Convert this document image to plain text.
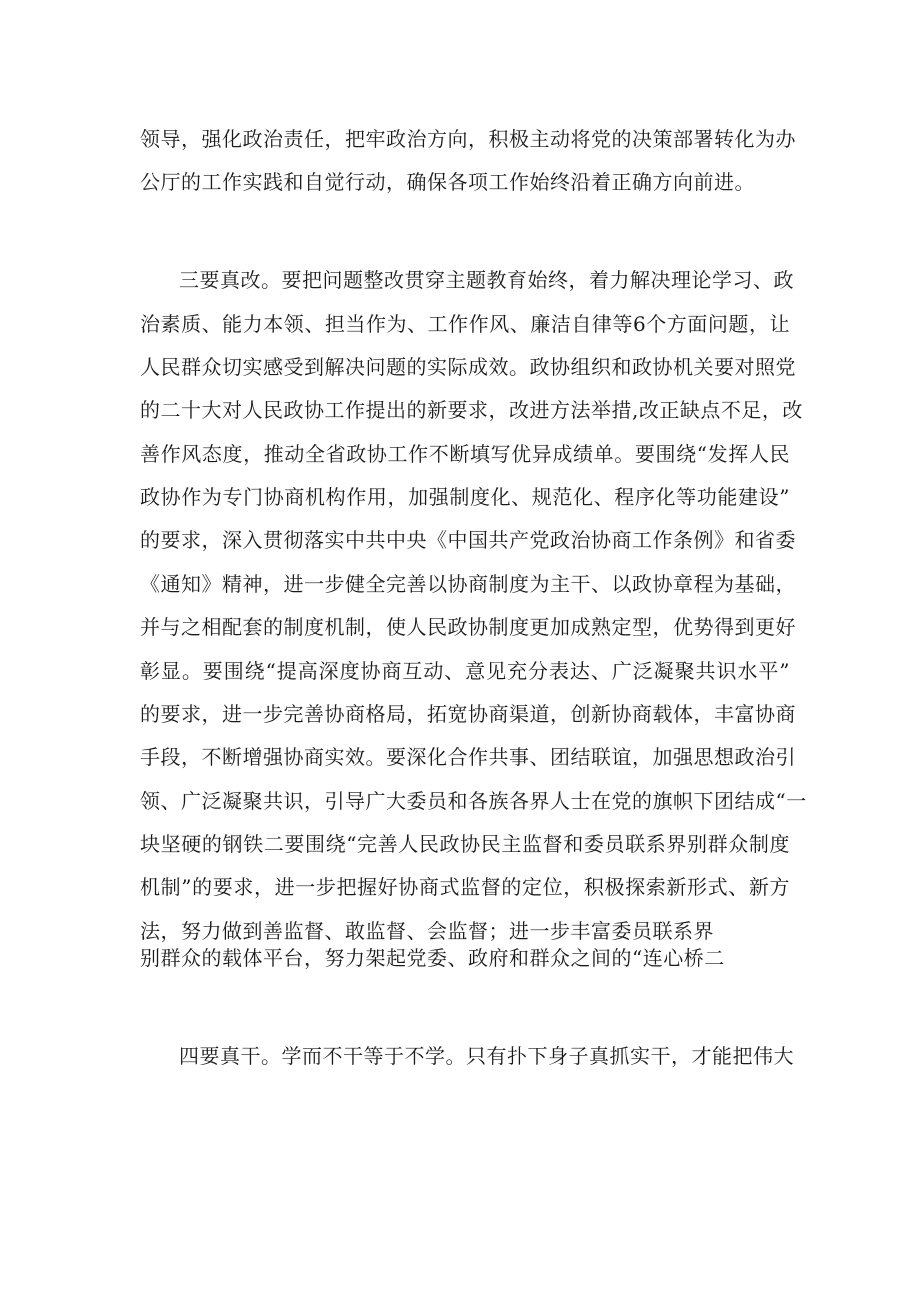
领导，强化政治责任，把牢政治方向，积极主动将党的决策部署转化为办
公厅的工作实践和自觉行动，确保各项工作始终沿着正确方向前进。
三要真改。要把问题整改贯穿主题教育始终，着力解决理论学习、政
治素质、能力本领、担当作为、工作作风、廉洁自律等6个方面问题，让
人民群众切实感受到解决问题的实际成效。政协组织和政协机关要对照党
的二十大对人民政协工作提出的新要求，改进方法举措,改正缺点不足，改
善作风态度，推动全省政协工作不断填写优异成绩单。要围绕“发挥人民
政协作为专门协商机构作用，加强制度化、规范化、程序化等功能建设”
的要求，深入贯彻落实中共中央《中国共产党政治协商工作条例》和省委
《通知》精神，进一步健全完善以协商制度为主干、以政协章程为基础，
并与之相配套的制度机制，使人民政协制度更加成熟定型，优势得到更好
彰显。要围绕“提高深度协商互动、意见充分表达、广泛凝聚共识水平”
的要求，进一步完善协商格局，拓宽协商渠道，创新协商载体，丰富协商
手段，不断增强协商实效。要深化合作共事、团结联谊，加强思想政治引
领、广泛凝聚共识，引导广大委员和各族各界人士在党的旗帜下团结成“一
块坚硬的钢铁二要围绕“完善人民政协民主监督和委员联系界别群众制度
机制”的要求，进一步把握好协商式监督的定位，积极探索新形式、新方
法，努力做到善监督、敢监督、会监督；进一步丰富委员联系界
别群众的载体平台，努力架起党委、政府和群众之间的“连心桥二
四要真干。学而不干等于不学。只有扑下身子真抓实干，才能把伟大
